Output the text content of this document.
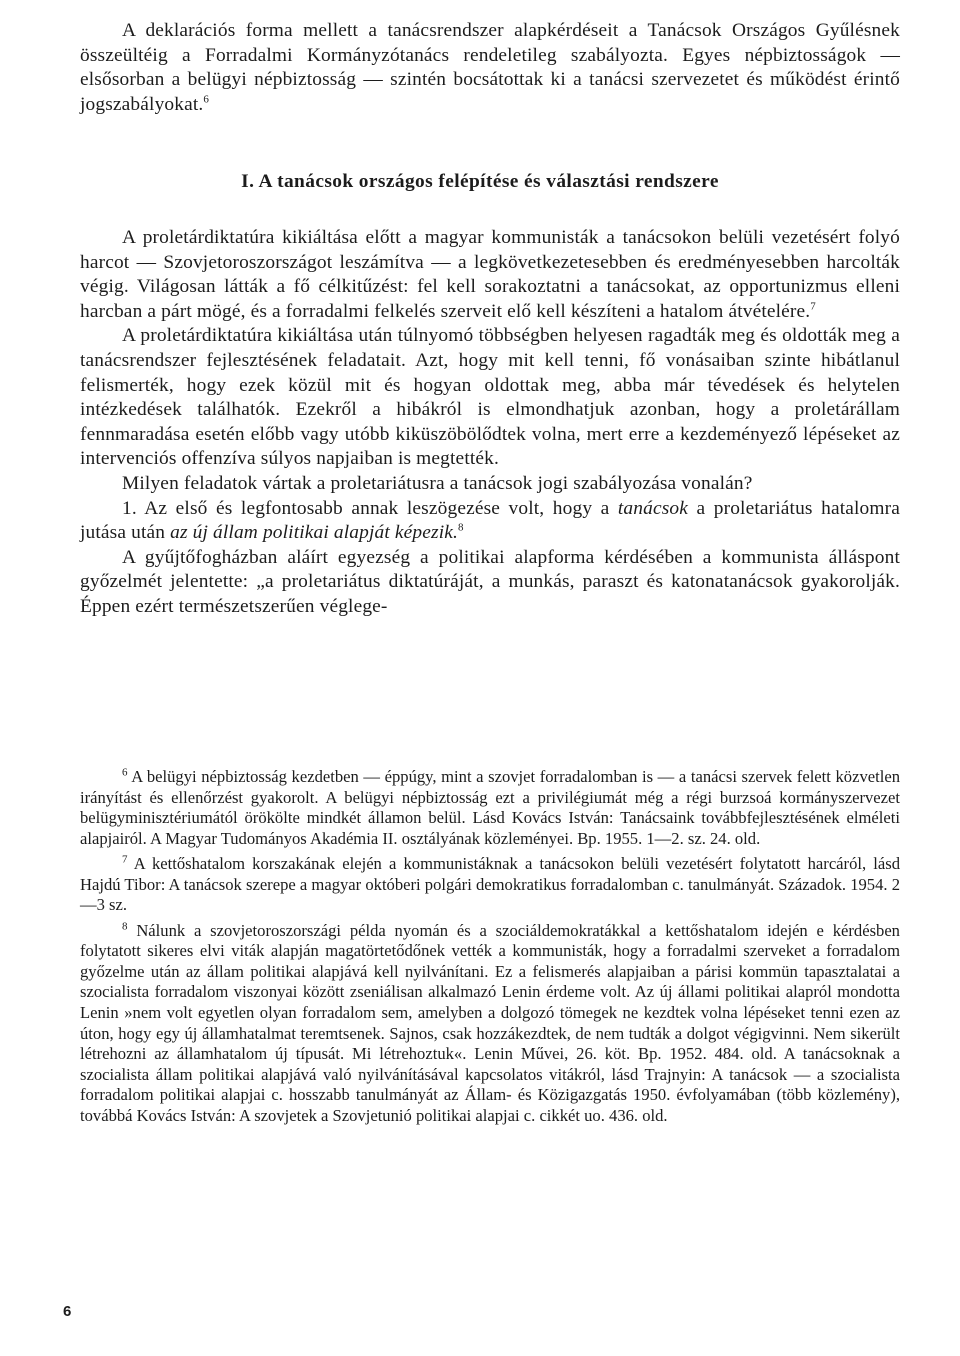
A deklarációs forma mellett a tanácsrendszer alapkérdéseit a Tanácsok Országos Gyűlésnek összeültéig a Forradalmi Kormányzótanács rendeletileg szabályozta. Egyes népbiztosságok — elsősorban a belügyi népbiztosság — szintén bocsátottak ki a tanácsi szervezetet és működést érintő jogszabályokat.$^6$

I. A tanácsok országos felépítése és választási rendszere

A proletárdiktatúra kikiáltása előtt a magyar kommunisták a tanácsokon belüli vezetésért folyó harcot — Szovjetoroszországot leszámítva — a legkövetkezetesebben és eredményesebben harcolták végig. Világosan látták a fő célkitűzést: fel kell sorakoztatni a tanácsokat, az opportunizmus elleni harcban a párt mögé, és a forradalmi felkelés szerveit elő kell készíteni a hatalom átvételére.$^7$

A proletárdiktatúra kikiáltása után túlnyomó többségben helyesen ragadták meg és oldották meg a tanácsrendszer fejlesztésének feladatait. Azt, hogy mit kell tenni, fő vonásaiban szinte hibátlanul felismerték, hogy ezek közül mit és hogyan oldottak meg, abba már tévedések és helytelen intézkedések találhatók. Ezekről a hibákról is elmondhatjuk azonban, hogy a proletárállam fennmaradása esetén előbb vagy utóbb kiküszöbölődtek volna, mert erre a kezdeményező lépéseket az intervenciós offenzíva súlyos napjaiban is megtették.

Milyen feladatok vártak a proletariátusra a tanácsok jogi szabályozása vonalán?

1. Az első és legfontosabb annak leszögezése volt, hogy a tanácsok a proletariátus hatalomra jutása után az új állam politikai alapját képezik.$^8$

A gyűjtőfogházban aláírt egyezség a politikai alapforma kérdésében a kommunista álláspont győzelmét jelentette: „a proletariátus diktatúráját, a munkás, paraszt és katonatanácsok gyakorolják. Éppen ezért természetszerűen véglege-

$^6$ A belügyi népbiztosság kezdetben — éppúgy, mint a szovjet forradalomban is — a tanácsi szervek felett közvetlen irányítást és ellenőrzést gyakorolt. A belügyi népbiztosság ezt a privilégiumát még a régi burzsoá kormányszervezet belügyminisztériumától örökölte mindkét államon belül. Lásd Kovács István: Tanácsaink továbbfejlesztésének elméleti alapjairól. A Magyar Tudományos Akadémia II. osztályának közleményei. Bp. 1955. 1—2. sz. 24. old.

$^7$ A kettőshatalom korszakának elején a kommunistáknak a tanácsokon belüli vezetésért folytatott harcáról, lásd Hajdú Tibor: A tanácsok szerepe a magyar októberi polgári demokratikus forradalomban c. tanulmányát. Századok. 1954. 2—3 sz.

$^8$ Nálunk a szovjetoroszországi példa nyomán és a szociáldemokratákkal a kettőshatalom idején e kérdésben folytatott sikeres elvi viták alapján magatörtetődőnek vették a kommunisták, hogy a forradalmi szerveket a forradalom győzelme után az állam politikai alapjává kell nyilvánítani. Ez a felismerés alapjaiban a párisi kommün tapasztalatai a szocialista forradalom viszonyai között zseniálisan alkalmazó Lenin érdeme volt. Az új állami politikai alapról mondotta Lenin »nem volt egyetlen olyan forradalom sem, amelyben a dolgozó tömegek ne kezdtek volna lépéseket tenni ezen az úton, hogy egy új államhatalmat teremtsenek. Sajnos, csak hozzákezdtek, de nem tudták a dolgot végigvinni. Nem sikerült létrehozni az államhatalom új típusát. Mi létrehoztuk«. Lenin Művei, 26. köt. Bp. 1952. 484. old. A tanácsoknak a szocialista állam politikai alapjává való nyilvánításával kapcsolatos vitákról, lásd Trajnyin: A tanácsok — a szocialista forradalom politikai alapjai c. hosszabb tanulmányát az Állam- és Közigazgatás 1950. évfolyamában (több közlemény), továbbá Kovács István: A szovjetek a Szovjetunió politikai alapjai c. cikkét uo. 436. old.

6
